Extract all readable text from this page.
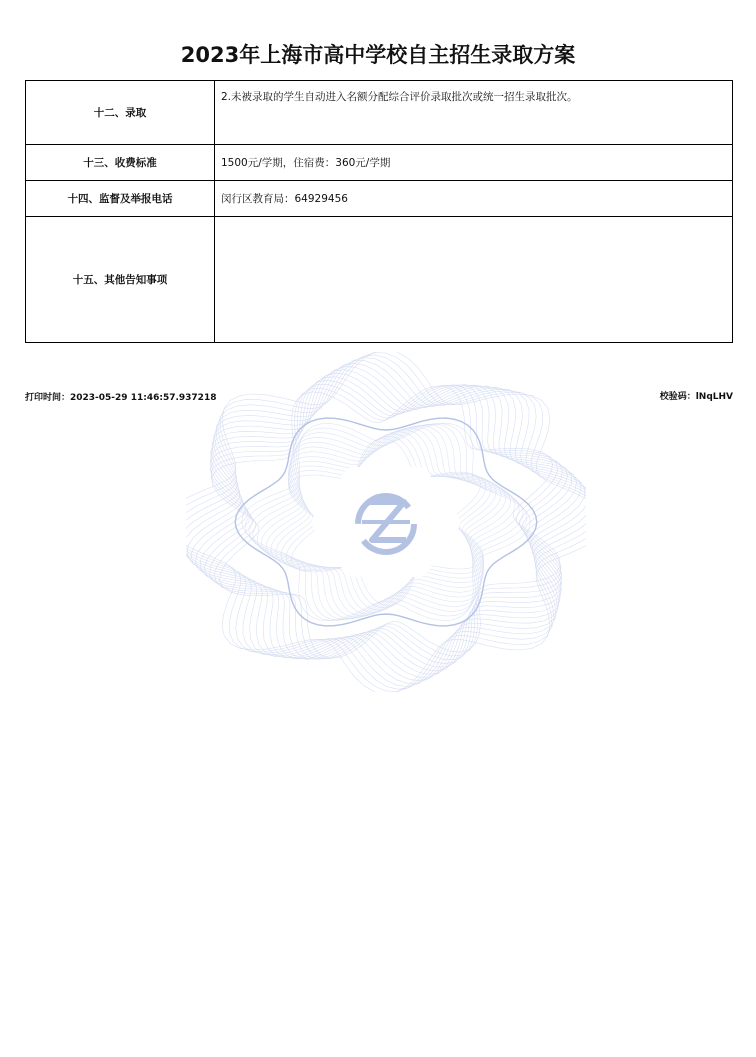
2023年上海市高中学校自主招生录取方案
十二、录取	2.未被录取的学生自动进入名额分配综合评价录取批次或统一招生录取批次。
十三、收费标准	1500元/学期，住宿费：360元/学期
十四、监督及举报电话	闵行区教育局：64929456
十五、其他告知事项	
打印时间：2023-05-29 11:46:57.937218	校验码：lNqLHV
